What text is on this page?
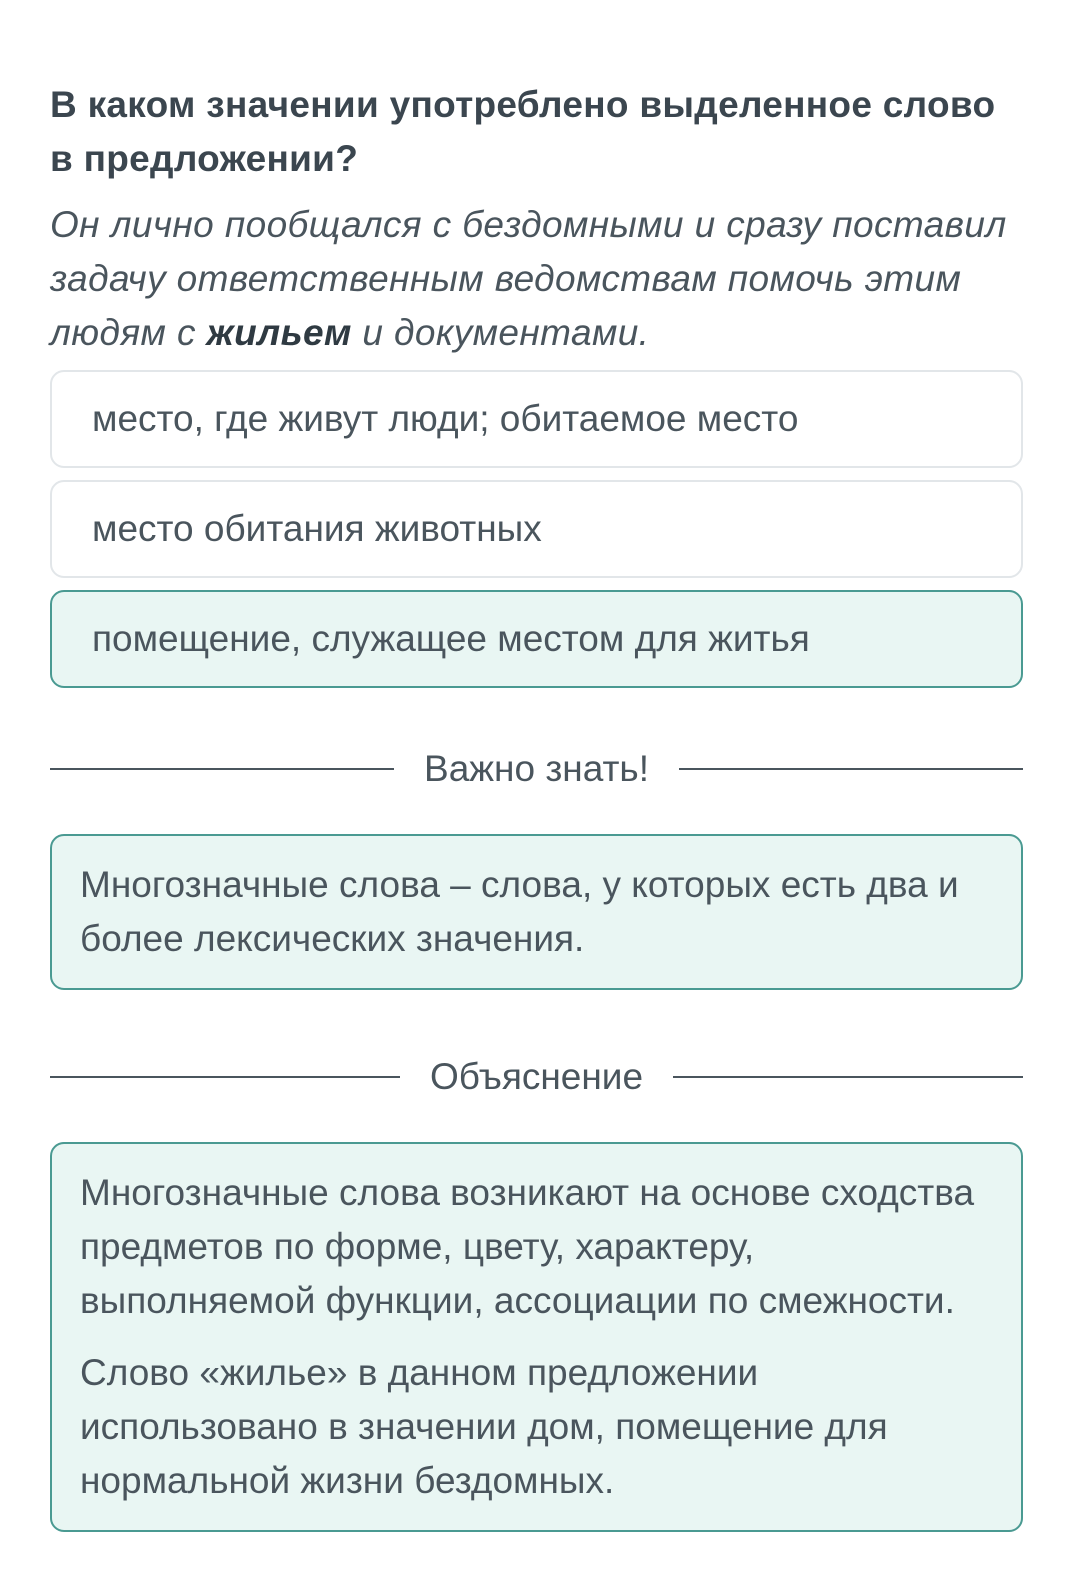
В каком значении употреблено выделенное слово в предложении?
Он лично пообщался с бездомными и сразу поставил задачу ответственным ведомствам помочь этим людям с жильем и документами.
место, где живут люди; обитаемое место
место обитания животных
помещение, служащее местом для житья
Важно знать!

Многозначные слова – слова, у которых есть два и более лексических значения.

Объяснение

Многозначные слова возникают на основе сходства предметов по форме, цвету, характеру, выполняемой функции, ассоциации по смежности.

Слово «жилье» в данном предложении использовано в значении дом, помещение для нормальной жизни бездомных.
